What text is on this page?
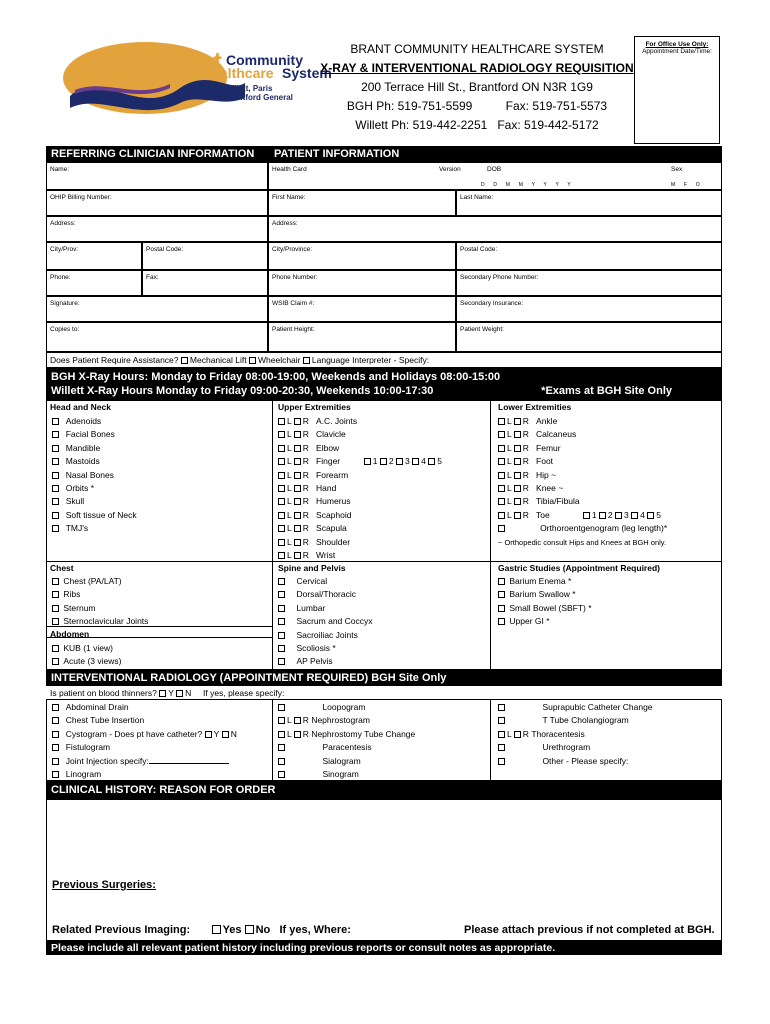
Brant Community
Healthcare System
The Willett, Paris
The Brantford General
BRANT COMMUNITY HEALTHCARE SYSTEM
X-RAY & INTERVENTIONAL RADIOLOGY REQUISITION
200 Terrace Hill St., Brantford ON N3R 1G9
BGH Ph: 519-751-5599          Fax: 519-751-5573
Willett Ph: 519-442-2251   Fax: 519-442-5172
For Office Use Only:
Appointment Date/Time:
REFERRING CLINICIAN INFORMATION PATIENT INFORMATION
Name:	Health Card	Version	DOB	Sex
D  D  M  M  Y  Y  Y  Y	M  F  O
OHIP Billing Number:	First Name:	Last Name:
Address:	Address:
City/Prov:	Postal Code:	City/Province:	Postal Code:
Phone:	Fax:	Phone Number:	Secondary Phone Number:
Signature:	WSIB Claim #:	Secondary Insurance:
Copies to:	Patient Height:	Patient Weight:
Does Patient Require Assistance? Mechanical Lift Wheelchair Language Interpreter - Specify:
BGH X-Ray Hours: Monday to Friday 08:00-19:00, Weekends and Holidays 08:00-15:00
Willett X-Ray Hours Monday to Friday 09:00-20:30, Weekends 10:00-17:30	*Exams at BGH Site Only
Head and Neck
Adenoids
Facial Bones
Mandible
Mastoids
Nasal Bones
Orbits *
Skull
Soft tissue of Neck
TMJ's
Upper Extremities
L R A.C. Joints
L R Clavicle
L R Elbow
L R Finger	1 2 3 4 5
L R Forearm
L R Hand
L R Humerus
L R Scaphoid
L R Scapula
L R Shoulder
L R Wrist
Lower Extremities
L R Ankle
L R Calcaneus
L R Femur
L R Foot
L R Hip ~
L R Knee ~
L R Tibia/Fibula
L R Toe	1 2 3 4 5
Orthoroentgenogram (leg length)*
~ Orthopedic consult Hips and Knees at BGH only.
Chest
Chest (PA/LAT)
Ribs
Sternum
Sternoclavicular Joints
Abdomen
KUB (1 view)
Acute (3 views)
Spine and Pelvis
Cervical
Dorsal/Thoracic
Lumbar
Sacrum and Coccyx
Sacroiliac Joints
Scoliosis *
AP Pelvis
Gastric Studies (Appointment Required)
Barium Enema *
Barium Swallow *
Small Bowel (SBFT) *
Upper GI *
INTERVENTIONAL RADIOLOGY (APPOINTMENT REQUIRED) BGH Site Only
Is patient on blood thinners? Y N If yes, please specify:
Abdominal Drain
Chest Tube Insertion
Cystogram - Does pt have catheter? Y N
Fistulogram
Joint Injection specify:
Linogram
Loopogram
L R Nephrostogram
L R Nephrostomy Tube Change
Paracentesis
Sialogram
Sinogram
Suprapubic Catheter Change
T Tube Cholangiogram
L R Thoracentesis
Urethrogram
Other - Please specify:
CLINICAL HISTORY: REASON FOR ORDER
Previous Surgeries:
Related Previous Imaging:	Yes No If yes, Where:	Please attach previous if not completed at BGH.
Please include all relevant patient history including previous reports or consult notes as appropriate.
